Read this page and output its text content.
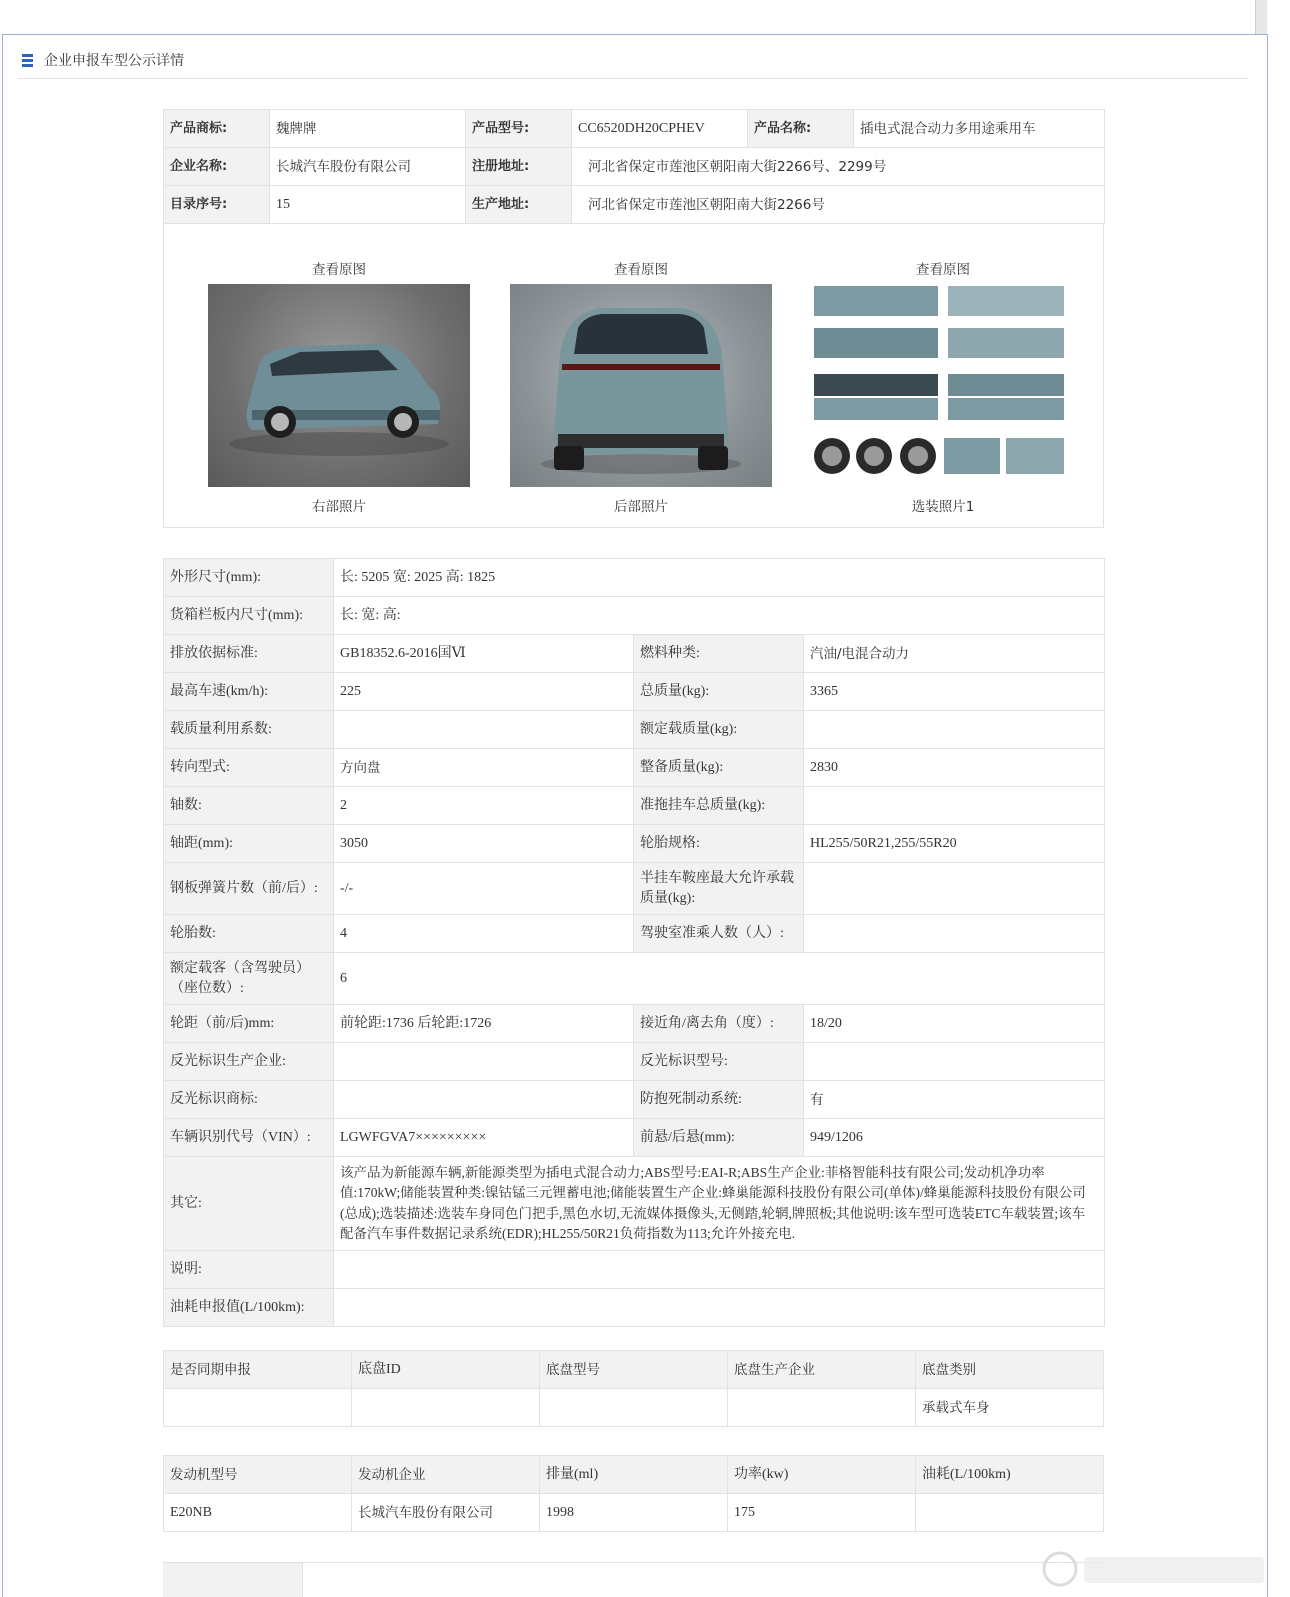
企业申报车型公示详情
产品商标:	魏牌牌	产品型号:	CC6520DH20CPHEV	产品名称:	插电式混合动力多用途乘用车
企业名称:	长城汽车股份有限公司	注册地址:	河北省保定市莲池区朝阳南大街2266号、2299号		
目录序号:	15	生产地址:	河北省保定市莲池区朝阳南大街2266号		
查看原图
右部照片
查看原图
后部照片
查看原图
选装照片1
外形尺寸(mm):	长: 5205 宽: 2025 高: 1825		
货箱栏板内尺寸(mm):	长: 宽: 高:		
排放依据标准:	GB18352.6-2016国Ⅵ	燃料种类:	汽油/电混合动力
最高车速(km/h):	225	总质量(kg):	3365
载质量利用系数:		额定载质量(kg):	
转向型式:	方向盘	整备质量(kg):	2830
轴数:	2	准拖挂车总质量(kg):	
轴距(mm):	3050	轮胎规格:	HL255/50R21,255/55R20
钢板弹簧片数（前/后）:	-/-	半挂车鞍座最大允许承载质量(kg):	
轮胎数:	4	驾驶室准乘人数（人）:	
额定载客（含驾驶员）（座位数）:	6		
轮距（前/后)mm:	前轮距:1736 后轮距:1726	接近角/离去角（度）:	18/20
反光标识生产企业:		反光标识型号:	
反光标识商标:		防抱死制动系统:	有
车辆识别代号（VIN）:	LGWFGVA7×××××××××	前悬/后悬(mm):	949/1206
其它:	该产品为新能源车辆,新能源类型为插电式混合动力;ABS型号:EAI-R;ABS生产企业:菲格智能科技有限公司;发动机净功率值:170kW;储能装置种类:镍钴锰三元锂蓄电池;储能装置生产企业:蜂巢能源科技股份有限公司(单体)/蜂巢能源科技股份有限公司(总成);选装描述:选装车身同色门把手,黑色水切,无流媒体摄像头,无侧踏,轮辋,牌照板;其他说明:该车型可选装ETC车载装置;该车配备汽车事件数据记录系统(EDR);HL255/50R21负荷指数为113;允许外接充电.		
说明:			
油耗申报值(L/100km):			
是否同期申报	底盘ID	底盘型号	底盘生产企业	底盘类别
				承载式车身
发动机型号	发动机企业	排量(ml)	功率(kw)	油耗(L/100km)
E20NB	长城汽车股份有限公司	1998	175	
